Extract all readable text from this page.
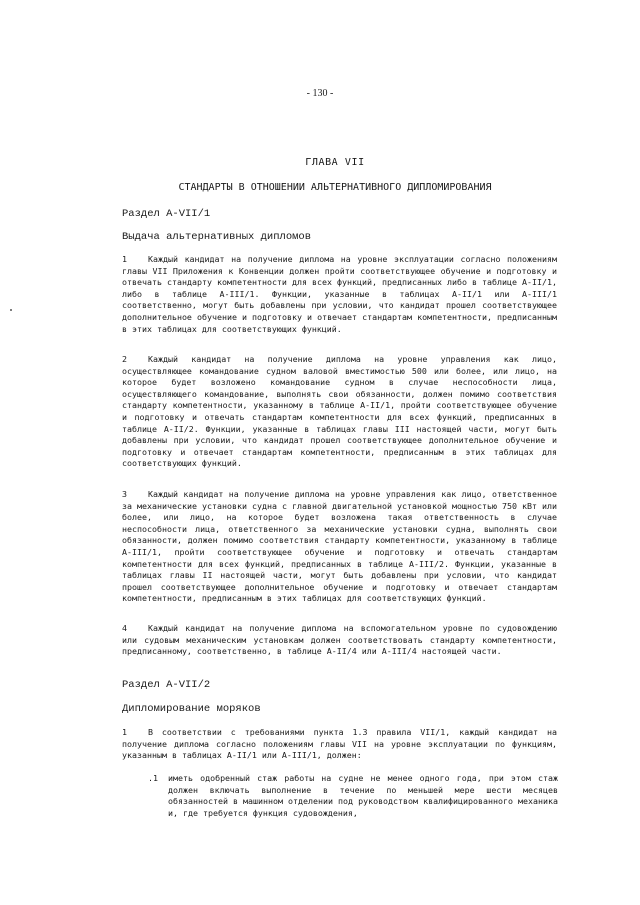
- 130 -
ГЛАВА VII
СТАНДАРТЫ В ОТНОШЕНИИ АЛЬТЕРНАТИВНОГО ДИПЛОМИРОВАНИЯ
Раздел A-VII/1
Выдача альтернативных дипломов
1	Каждый кандидат на получение диплома на уровне эксплуатации согласно положениям главы VII Приложения к Конвенции должен пройти соответствующее обучение и подготовку и отвечать стандарту компетентности для всех функций, предписанных либо в таблице A-II/1, либо в таблице A-III/1. Функции, указанные в таблицах A-II/1 или A-III/1 соответственно, могут быть добавлены при условии, что кандидат прошел соответствующее дополнительное обучение и подготовку и отвечает стандартам компетентности, предписанным в этих таблицах для соответствующих функций.
2	Каждый кандидат на получение диплома на уровне управления как лицо, осуществляющее командование судном валовой вместимостью 500 или более, или лицо, на которое будет возложено командование судном в случае неспособности лица, осуществляющего командование, выполнять свои обязанности, должен помимо соответствия стандарту компетентности, указанному в таблице A-II/1, пройти соответствующее обучение и подготовку и отвечать стандартам компетентности для всех функций, предписанных в таблице A-II/2. Функции, указанные в таблицах главы III настоящей части, могут быть добавлены при условии, что кандидат прошел соответствующее дополнительное обучение и подготовку и отвечает стандартам компетентности, предписанным в этих таблицах для соответствующих функций.
3	Каждый кандидат на получение диплома на уровне управления как лицо, ответственное за механические установки судна с главной двигательной установкой мощностью 750 кВт или более, или лицо, на которое будет возложена такая ответственность в случае неспособности лица, ответственного за механические установки судна, выполнять свои обязанности, должен помимо соответствия стандарту компетентности, указанному в таблице A-III/1, пройти соответствующее обучение и подготовку и отвечать стандартам компетентности для всех функций, предписанных в таблице A-III/2. Функции, указанные в таблицах главы II настоящей части, могут быть добавлены при условии, что кандидат прошел соответствующее дополнительное обучение и подготовку и отвечает стандартам компетентности, предписанным в этих таблицах для соответствующих функций.
4	Каждый кандидат на получение диплома на вспомогательном уровне по судовождению или судовым механическим установкам должен соответствовать стандарту компетентности, предписанному, соответственно, в таблице A-II/4 или A-III/4 настоящей части.
Раздел A-VII/2
Дипломирование моряков
1	В соответствии с требованиями пункта 1.3 правила VII/1, каждый кандидат на получение диплома согласно положениям главы VII на уровне эксплуатации по функциям, указанным в таблицах A-II/1 или A-III/1, должен:
.1 иметь одобренный стаж работы на судне не менее одного года, при этом стаж должен включать выполнение в течение по меньшей мере шести месяцев обязанностей в машинном отделении под руководством квалифицированного механика и, где требуется функция судовождения,
